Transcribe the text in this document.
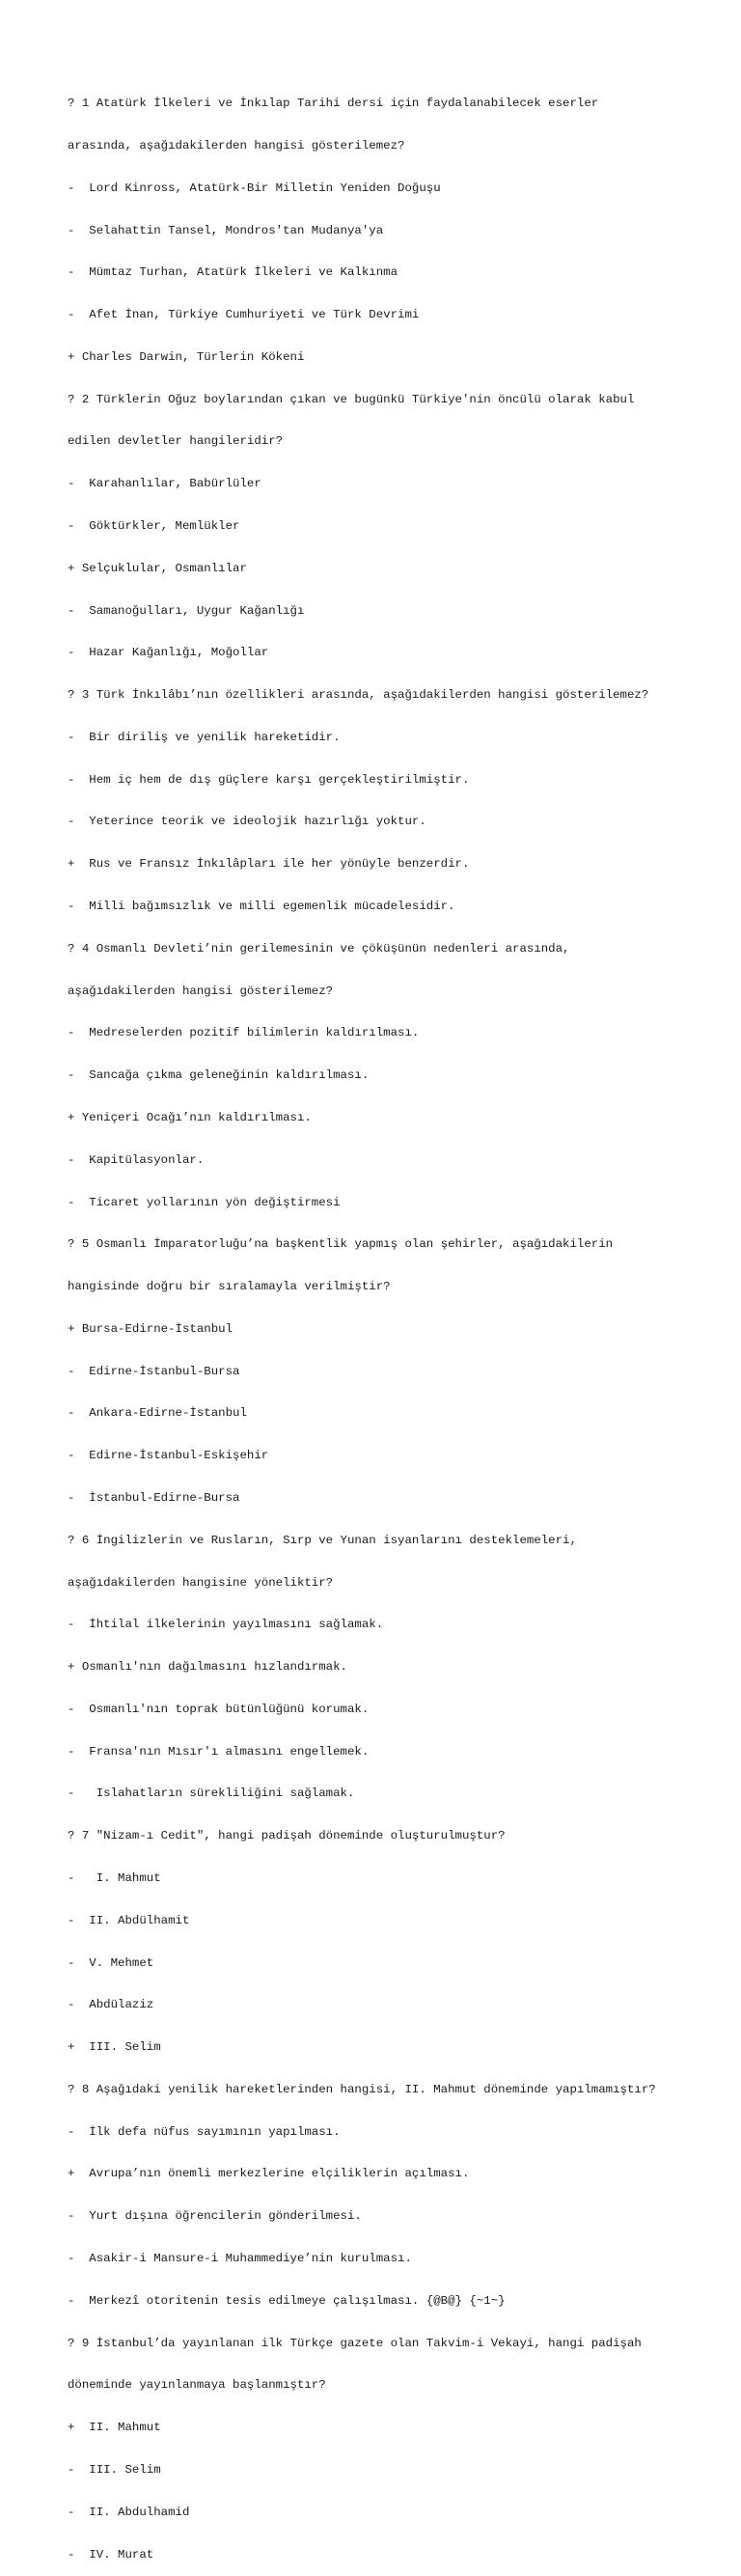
? 1 Atatürk İlkeleri ve İnkılap Tarihi dersi için faydalanabilecek eserler

arasında, aşağıdakilerden hangisi gösterilemez?

-  Lord Kinross, Atatürk-Bir Milletin Yeniden Doğuşu

-  Selahattin Tansel, Mondros'tan Mudanya'ya

-  Mümtaz Turhan, Atatürk İlkeleri ve Kalkınma

-  Afet İnan, Türkiye Cumhuriyeti ve Türk Devrimi

+ Charles Darwin, Türlerin Kökeni

? 2 Türklerin Oğuz boylarından çıkan ve bugünkü Türkiye'nin öncülü olarak kabul

edilen devletler hangileridir?

-  Karahanlılar, Babürlüler

-  Göktürkler, Memlükler

+ Selçuklular, Osmanlılar

-  Samanoğulları, Uygur Kağanlığı

-  Hazar Kağanlığı, Moğollar

? 3 Türk İnkılâbı’nın özellikleri arasında, aşağıdakilerden hangisi gösterilemez?

-  Bir diriliş ve yenilik hareketidir.

-  Hem iç hem de dış güçlere karşı gerçekleştirilmiştir.

-  Yeterince teorik ve ideolojik hazırlığı yoktur.

+  Rus ve Fransız İnkılâpları ile her yönüyle benzerdir.

-  Milli bağımsızlık ve milli egemenlik mücadelesidir.

? 4 Osmanlı Devleti’nin gerilemesinin ve çöküşünün nedenleri arasında,

aşağıdakilerden hangisi gösterilemez?

-  Medreselerden pozitif bilimlerin kaldırılması.

-  Sancağa çıkma geleneğinin kaldırılması.

+ Yeniçeri Ocağı’nın kaldırılması.

-  Kapitülasyonlar.

-  Ticaret yollarının yön değiştirmesi

? 5 Osmanlı İmparatorluğu’na başkentlik yapmış olan şehirler, aşağıdakilerin

hangisinde doğru bir sıralamayla verilmiştir?

+ Bursa-Edirne-İstanbul

-  Edirne-İstanbul-Bursa

-  Ankara-Edirne-İstanbul

-  Edirne-İstanbul-Eskişehir

-  İstanbul-Edirne-Bursa

? 6 İngilizlerin ve Rusların, Sırp ve Yunan isyanlarını desteklemeleri,

aşağıdakilerden hangisine yöneliktir?

-  İhtilal ilkelerinin yayılmasını sağlamak.

+ Osmanlı'nın dağılmasını hızlandırmak.

-  Osmanlı'nın toprak bütünlüğünü korumak.

-  Fransa'nın Mısır'ı almasını engellemek.

-   Islahatların sürekliliğini sağlamak.

? 7 "Nizam-ı Cedit", hangi padişah döneminde oluşturulmuştur?

-   I. Mahmut

-  II. Abdülhamit

-  V. Mehmet

-  Abdülaziz

+  III. Selim

? 8 Aşağıdaki yenilik hareketlerinden hangisi, II. Mahmut döneminde yapılmamıştır?

-  İlk defa nüfus sayımının yapılması.

+  Avrupa’nın önemli merkezlerine elçiliklerin açılması.

-  Yurt dışına öğrencilerin gönderilmesi.

-  Asakir-i Mansure-i Muhammediye’nin kurulması.

-  Merkezî otoritenin tesis edilmeye çalışılması. {@B@} {~1~}

? 9 İstanbul’da yayınlanan ilk Türkçe gazete olan Takvim-i Vekayi, hangi padişah

döneminde yayınlanmaya başlanmıştır?

+  II. Mahmut

-  III. Selim

-  II. Abdulhamid

-  IV. Murat
